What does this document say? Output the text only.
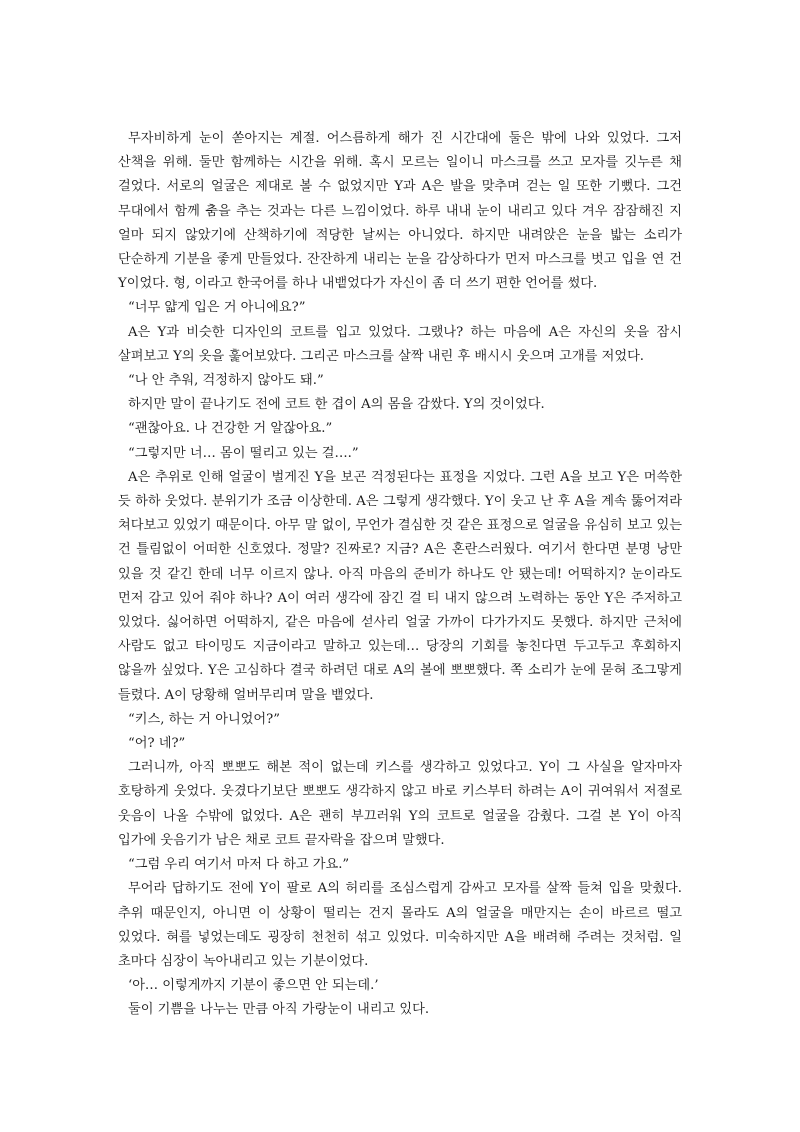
무자비하게 눈이 쏟아지는 계절. 어스름하게 해가 진 시간대에 둘은 밖에 나와 있었다. 그저 산책을 위해. 둘만 함께하는 시간을 위해. 혹시 모르는 일이니 마스크를 쓰고 모자를 깃누른 채 걸었다. 서로의 얼굴은 제대로 볼 수 없었지만 Y과 A은 발을 맞추며 걷는 일 또한 기뻤다. 그건 무대에서 함께 춤을 추는 것과는 다른 느낌이었다. 하루 내내 눈이 내리고 있다 겨우 잠잠해진 지 얼마 되지 않았기에 산책하기에 적당한 날씨는 아니었다. 하지만 내려앉은 눈을 밟는 소리가 단순하게 기분을 좋게 만들었다. 잔잔하게 내리는 눈을 감상하다가 먼저 마스크를 벗고 입을 연 건 Y이었다. 형, 이라고 한국어를 하나 내뱉었다가 자신이 좀 더 쓰기 편한 언어를 썼다.

“너무 얇게 입은 거 아니에요?”

A은 Y과 비슷한 디자인의 코트를 입고 있었다. 그랬나? 하는 마음에 A은 자신의 옷을 잠시 살펴보고 Y의 옷을 훑어보았다. 그리곤 마스크를 살짝 내린 후 배시시 웃으며 고개를 저었다.

“나 안 추워, 걱정하지 않아도 돼.”

하지만 말이 끝나기도 전에 코트 한 겹이 A의 몸을 감쌌다. Y의 것이었다.

“괜찮아요. 나 건강한 거 알잖아요.”

“그렇지만 너… 몸이 떨리고 있는 걸….”

A은 추위로 인해 얼굴이 벌게진 Y을 보곤 걱정된다는 표정을 지었다. 그런 A을 보고 Y은 머쓱한 듯 하하 웃었다. 분위기가 조금 이상한데. A은 그렇게 생각했다. Y이 웃고 난 후 A을 계속 뚫어져라 쳐다보고 있었기 때문이다. 아무 말 없이, 무언가 결심한 것 같은 표정으로 얼굴을 유심히 보고 있는 건 틀림없이 어떠한 신호였다. 정말? 진짜로? 지금? A은 혼란스러웠다. 여기서 한다면 분명 낭만 있을 것 같긴 한데 너무 이르지 않나. 아직 마음의 준비가 하나도 안 됐는데! 어떡하지? 눈이라도 먼저 감고 있어 줘야 하나? A이 여러 생각에 잠긴 걸 티 내지 않으려 노력하는 동안 Y은 주저하고 있었다. 싫어하면 어떡하지, 같은 마음에 섣사리 얼굴 가까이 다가가지도 못했다. 하지만 근처에 사람도 없고 타이밍도 지금이라고 말하고 있는데… 당장의 기회를 놓친다면 두고두고 후회하지 않을까 싶었다. Y은 고심하다 결국 하려던 대로 A의 볼에 뽀뽀했다. 쪽 소리가 눈에 묻혀 조그맣게 들렸다. A이 당황해 얼버무리며 말을 뱉었다.

“키스, 하는 거 아니었어?”

“어? 네?”

그러니까, 아직 뽀뽀도 해본 적이 없는데 키스를 생각하고 있었다고. Y이 그 사실을 알자마자 호탕하게 웃었다. 웃겼다기보단 뽀뽀도 생각하지 않고 바로 키스부터 하려는 A이 귀여워서 저절로 웃음이 나올 수밖에 없었다. A은 괜히 부끄러워 Y의 코트로 얼굴을 감췄다. 그걸 본 Y이 아직 입가에 웃음기가 남은 채로 코트 끝자락을 잡으며 말했다.

“그럼 우리 여기서 마저 다 하고 가요.”

무어라 답하기도 전에 Y이 팔로 A의 허리를 조심스럽게 감싸고 모자를 살짝 들쳐 입을 맞췄다. 추위 때문인지, 아니면 이 상황이 떨리는 건지 몰라도 A의 얼굴을 매만지는 손이 바르르 떨고 있었다. 혀를 넣었는데도 굉장히 천천히 섞고 있었다. 미숙하지만 A을 배려해 주려는 것처럼. 일 초마다 심장이 녹아내리고 있는 기분이었다.

‘아… 이렇게까지 기분이 좋으면 안 되는데.’

둘이 기쁨을 나누는 만큼 아직 가랑눈이 내리고 있다.
